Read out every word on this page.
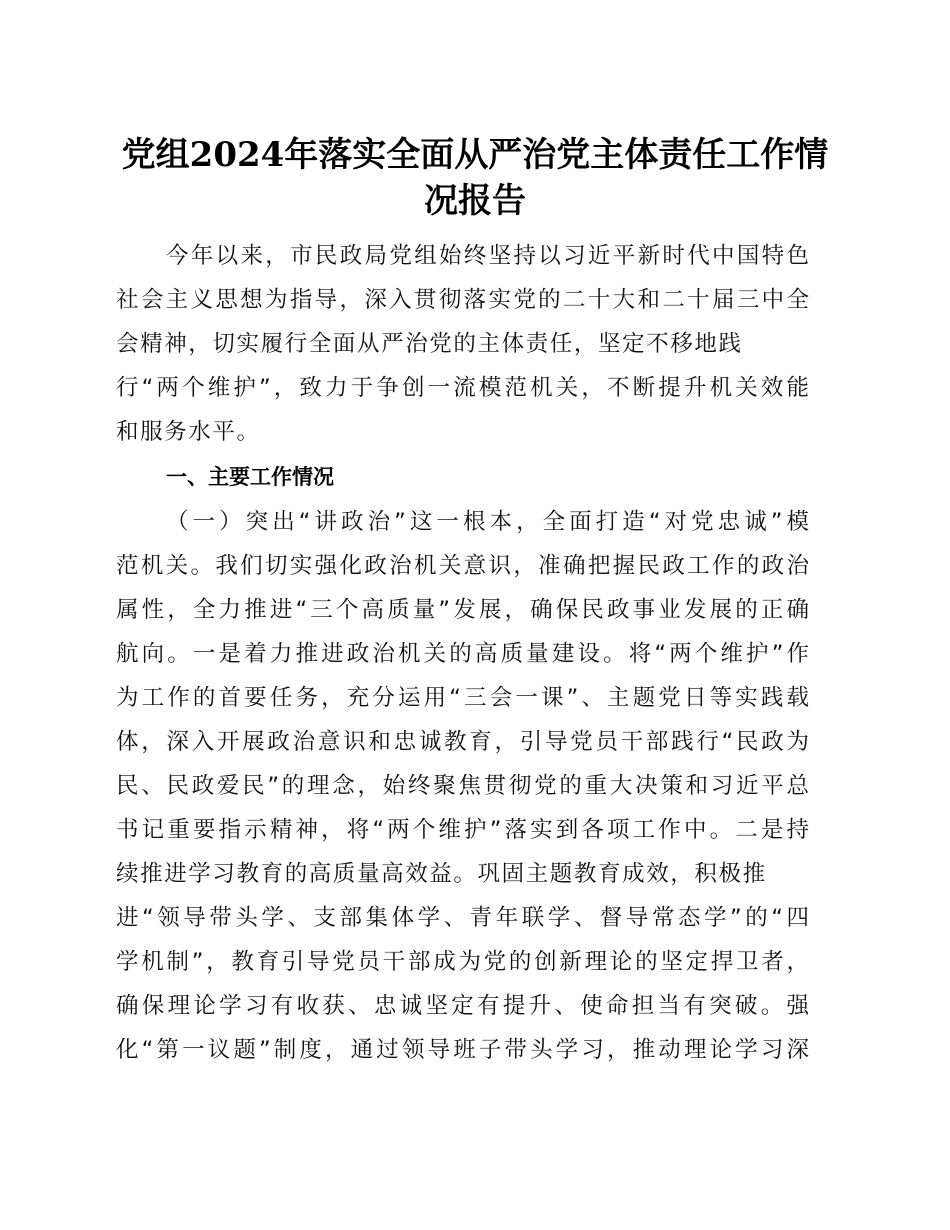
党组2024年落实全面从严治党主体责任工作情
况报告
今年以来，市民政局党组始终坚持以习近平新时代中国特色
社会主义思想为指导，深入贯彻落实党的二十大和二十届三中全
会精神，切实履行全面从严治党的主体责任，坚定不移地践
行“两个维护”，致力于争创一流模范机关，不断提升机关效能
和服务水平。
一、主要工作情况
（一）突出“讲政治”这一根本，全面打造“对党忠诚”模
范机关。我们切实强化政治机关意识，准确把握民政工作的政治
属性，全力推进“三个高质量”发展，确保民政事业发展的正确
航向。一是着力推进政治机关的高质量建设。将“两个维护”作
为工作的首要任务，充分运用“三会一课”、主题党日等实践载
体，深入开展政治意识和忠诚教育，引导党员干部践行“民政为
民、民政爱民”的理念，始终聚焦贯彻党的重大决策和习近平总
书记重要指示精神，将“两个维护”落实到各项工作中。二是持
续推进学习教育的高质量高效益。巩固主题教育成效，积极推
进“领导带头学、支部集体学、青年联学、督导常态学”的“四
学机制”，教育引导党员干部成为党的创新理论的坚定捍卫者，
确保理论学习有收获、忠诚坚定有提升、使命担当有突破。强
化“第一议题”制度，通过领导班子带头学习，推动理论学习深
